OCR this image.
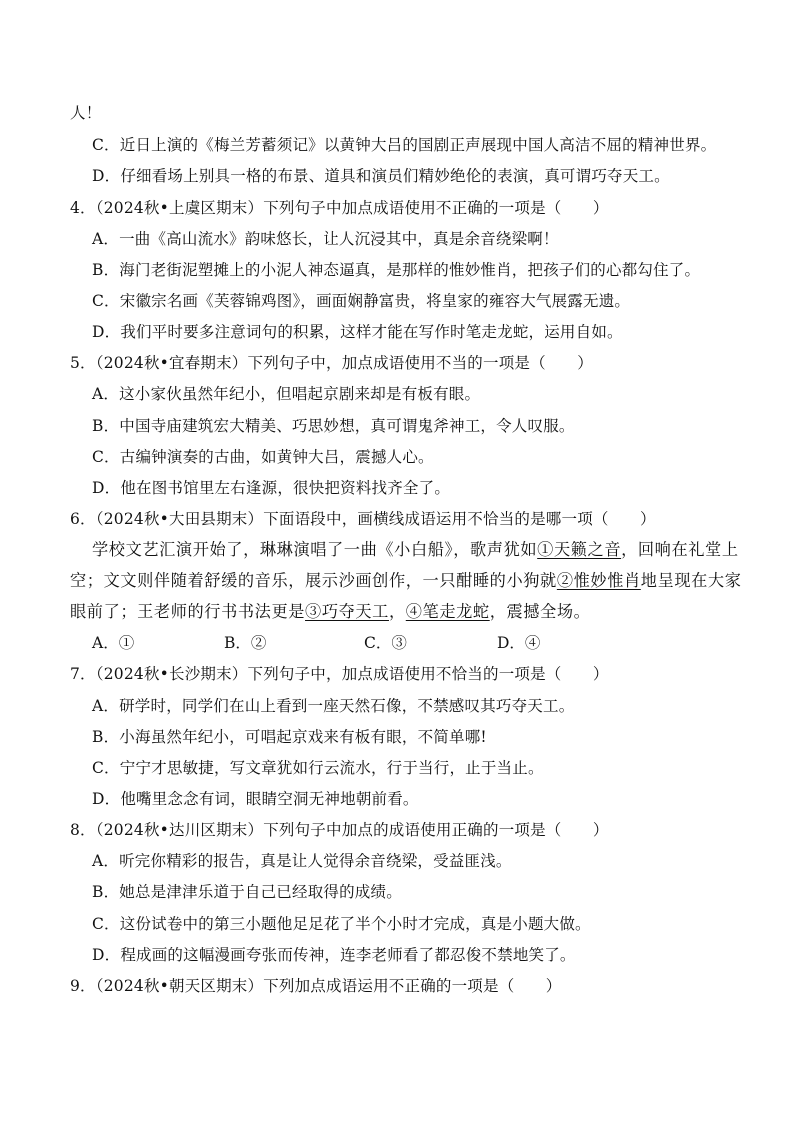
人！
C．近日上演的《梅兰芳蓄须记》以黄钟大吕的国剧正声展现中国人高洁不屈的精神世界。
D．仔细看场上别具一格的布景、道具和演员们精妙绝伦的表演，真可谓巧夺天工。
4．（2024秋•上虞区期末）下列句子中加点成语使用不正确的一项是（　　）
A．一曲《高山流水》韵味悠长，让人沉浸其中，真是余音绕梁啊！
B．海门老街泥塑摊上的小泥人神态逼真，是那样的惟妙惟肖，把孩子们的心都勾住了。
C．宋徽宗名画《芙蓉锦鸡图》，画面娴静富贵，将皇家的雍容大气展露无遗。
D．我们平时要多注意词句的积累，这样才能在写作时笔走龙蛇，运用自如。
5．（2024秋•宜春期末）下列句子中，加点成语使用不当的一项是（　　）
A．这小家伙虽然年纪小，但唱起京剧来却是有板有眼。
B．中国寺庙建筑宏大精美、巧思妙想，真可谓鬼斧神工，令人叹服。
C．古编钟演奏的古曲，如黄钟大吕，震撼人心。
D．他在图书馆里左右逢源，很快把资料找齐全了。
6．（2024秋•大田县期末）下面语段中，画横线成语运用不恰当的是哪一项（　　）
学校文艺汇演开始了，琳琳演唱了一曲《小白船》，歌声犹如①天籁之音，回响在礼堂上
空；文文则伴随着舒缓的音乐，展示沙画创作，一只酣睡的小狗就②惟妙惟肖地呈现在大家
眼前了；王老师的行书书法更是③巧夺天工，④笔走龙蛇，震撼全场。
A．①	B．②	C．③	D．④
7．（2024秋•长沙期末）下列句子中，加点成语使用不恰当的一项是（　　）
A．研学时，同学们在山上看到一座天然石像，不禁感叹其巧夺天工。
B．小海虽然年纪小，可唱起京戏来有板有眼，不简单哪!
C．宁宁才思敏捷，写文章犹如行云流水，行于当行，止于当止。
D．他嘴里念念有词，眼睛空洞无神地朝前看。
8．（2024秋•达川区期末）下列句子中加点的成语使用正确的一项是（　　）
A．听完你精彩的报告，真是让人觉得余音绕梁，受益匪浅。
B．她总是津津乐道于自己已经取得的成绩。
C．这份试卷中的第三小题他足足花了半个小时才完成，真是小题大做。
D．程成画的这幅漫画夸张而传神，连李老师看了都忍俊不禁地笑了。
9．（2024秋•朝天区期末）下列加点成语运用不正确的一项是（　　）
